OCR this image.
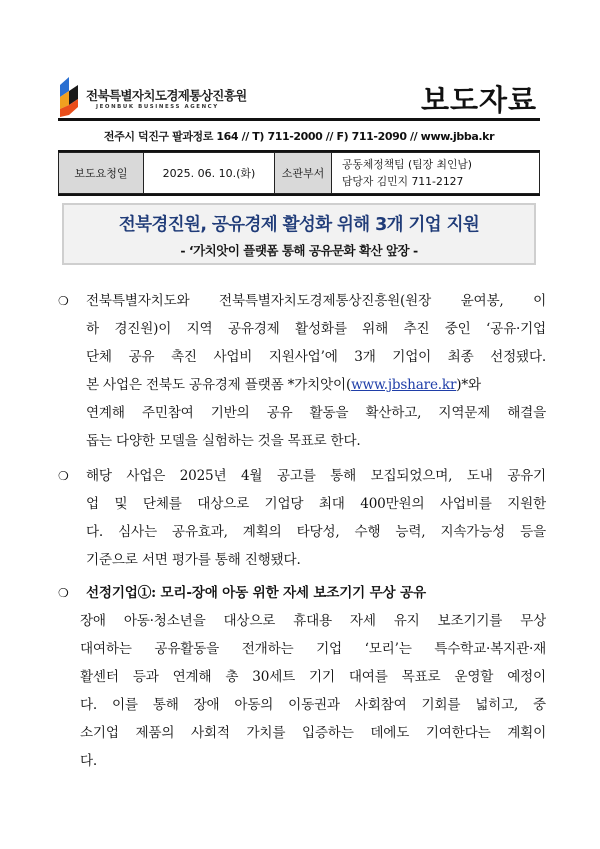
전북특별자치도경제통상진흥원
JEONBUK BUSINESS AGENCY	보도자료
전주시 덕진구 팔과정로 164 // T) 711-2000 // F) 711-2090 // www.jbba.kr
보도요청일	2025. 06. 10.(화)	소관부서	
공동체정책팀 (팀장 최인남)
담당자 김민지 711-2127
전북경진원, 공유경제 활성화 위해 3개 기업 지원
- ‘가치앗이 플랫폼 통해 공유문화 확산 앞장 -
❍ 전북특별자치도와 전북특별자치도경제통상진흥원(원장 윤여봉, 이
하 경진원)이 지역 공유경제 활성화를 위해 추진 중인 ‘공유·기업
단체 공유 촉진 사업비 지원사업’에 3개 기업이 최종 선정됐다.
본 사업은 전북도 공유경제 플랫폼 *가치앗이(www.jbshare.kr)*와
연계해 주민참여 기반의 공유 활동을 확산하고, 지역문제 해결을
돕는 다양한 모델을 실험하는 것을 목표로 한다.
❍ 해당 사업은 2025년 4월 공고를 통해 모집되었으며, 도내 공유기
업 및 단체를 대상으로 기업당 최대 400만원의 사업비를 지원한
다. 심사는 공유효과, 계획의 타당성, 수행 능력, 지속가능성 등을
기준으로 서면 평가를 통해 진행됐다.
❍ 선정기업①: 모리-장애 아동 위한 자세 보조기기 무상 공유
장애 아동·청소년을 대상으로 휴대용 자세 유지 보조기기를 무상
대여하는 공유활동을 전개하는 기업 ‘모리’는 특수학교·복지관·재
활센터 등과 연계해 총 30세트 기기 대여를 목표로 운영할 예정이
다. 이를 통해 장애 아동의 이동권과 사회참여 기회를 넓히고, 중
소기업 제품의 사회적 가치를 입증하는 데에도 기여한다는 계획이
다.
